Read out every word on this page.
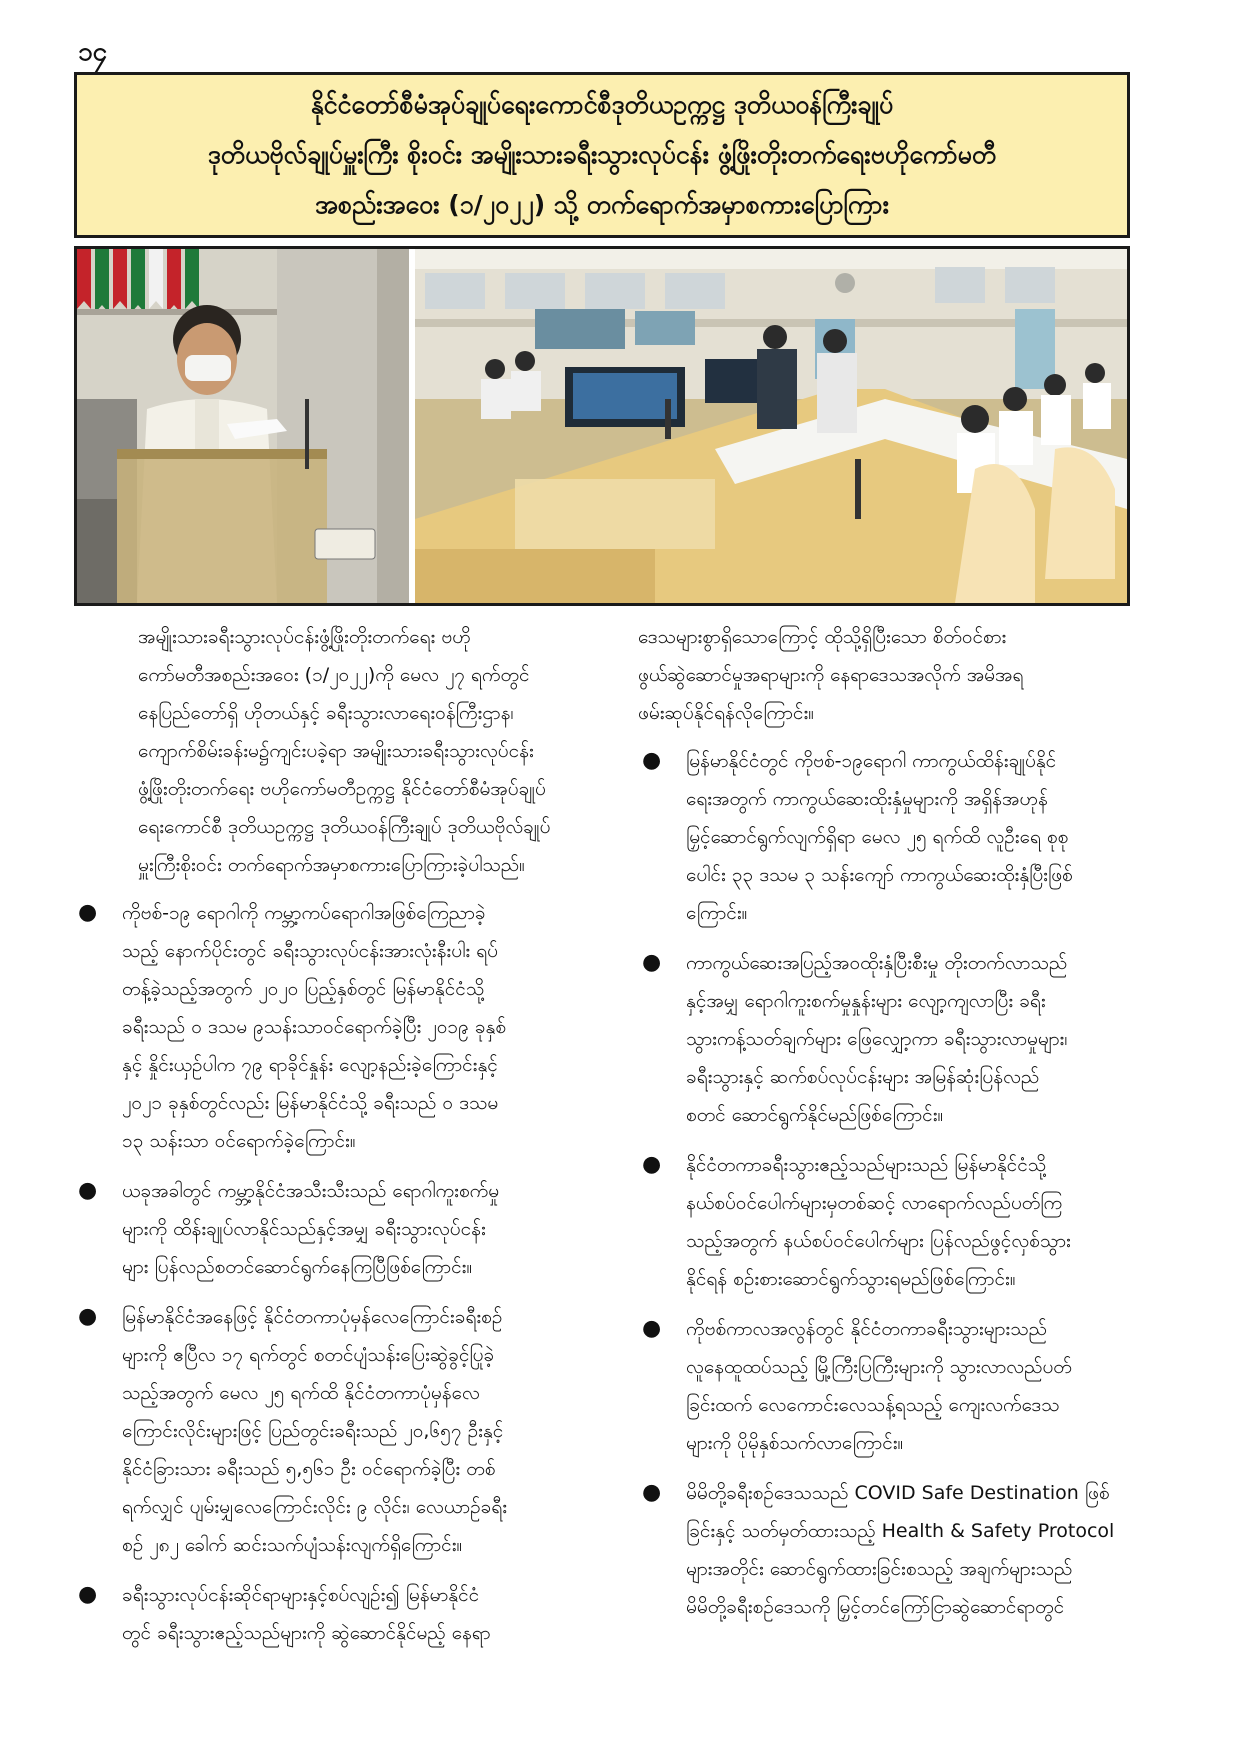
၁၄
နိုင်ငံတော်စီမံအုပ်ချုပ်ရေးကောင်စီဒုတိယဥက္ကဋ္ဌ ဒုတိယဝန်ကြီးချုပ်
ဒုတိယဗိုလ်ချုပ်မှူးကြီး စိုးဝင်း အမျိုးသားခရီးသွားလုပ်ငန်း ဖွံ့ဖြိုးတိုးတက်ရေးဗဟိုကော်မတီ
အစည်းအဝေး (၁/၂၀၂၂) သို့ တက်ရောက်အမှာစကားပြောကြား

အမျိုးသားခရီးသွားလုပ်ငန်းဖွံ့ဖြိုးတိုးတက်ရေး ဗဟို
ကော်မတီအစည်းအဝေး (၁/၂၀၂၂)ကို မေလ ၂၇ ရက်တွင်
နေပြည်တော်ရှိ ဟိုတယ်နှင့် ခရီးသွားလာရေးဝန်ကြီးဌာန၊
ကျောက်စိမ်းခန်းမ၌ကျင်းပခဲ့ရာ အမျိုးသားခရီးသွားလုပ်ငန်း
ဖွံ့ဖြိုးတိုးတက်ရေး ဗဟိုကော်မတီဥက္ကဋ္ဌ နိုင်ငံတော်စီမံအုပ်ချုပ်
ရေးကောင်စီ ဒုတိယဥက္ကဋ္ဌ ဒုတိယဝန်ကြီးချုပ် ဒုတိယဗိုလ်ချုပ်
မှူးကြီးစိုးဝင်း တက်ရောက်အမှာစကားပြောကြားခဲ့ပါသည်။

● ကိုဗစ်-၁၉ ရောဂါကို ကမ္ဘာ့ကပ်ရောဂါအဖြစ်ကြေညာခဲ့
သည့် နောက်ပိုင်းတွင် ခရီးသွားလုပ်ငန်းအားလုံးနီးပါး ရပ်
တန့်ခဲ့သည့်အတွက် ၂၀၂၀ ပြည့်နှစ်တွင် မြန်မာနိုင်ငံသို့
ခရီးသည် ၀ ဒသမ ၉သန်းသာဝင်ရောက်ခဲ့ပြီး ၂၀၁၉ ခုနှစ်
နှင့် နှိုင်းယှဉ်ပါက ၇၉ ရာခိုင်နှုန်း လျော့နည်းခဲ့ကြောင်းနှင့်
၂၀၂၁ ခုနှစ်တွင်လည်း မြန်မာနိုင်ငံသို့ ခရီးသည် ၀ ဒသမ
၁၃ သန်းသာ ဝင်ရောက်ခဲ့ကြောင်း။
● ယခုအခါတွင် ကမ္ဘာ့နိုင်ငံအသီးသီးသည် ရောဂါကူးစက်မှု
များကို ထိန်းချုပ်လာနိုင်သည်နှင့်အမျှ ခရီးသွားလုပ်ငန်း
များ ပြန်လည်စတင်ဆောင်ရွက်နေကြပြီဖြစ်ကြောင်း။
● မြန်မာနိုင်ငံအနေဖြင့် နိုင်ငံတကာပုံမှန်လေကြောင်းခရီးစဉ်
များကို ဧပြီလ ၁၇ ရက်တွင် စတင်ပျံသန်းပြေးဆွဲခွင့်ပြုခဲ့
သည့်အတွက် မေလ ၂၅ ရက်ထိ နိုင်ငံတကာပုံမှန်လေ
ကြောင်းလိုင်းများဖြင့် ပြည်တွင်းခရီးသည် ၂၀,၆၅၇ ဦးနှင့်
နိုင်ငံခြားသား ခရီးသည် ၅,၅၆၁ ဦး ဝင်ရောက်ခဲ့ပြီး တစ်
ရက်လျှင် ပျမ်းမျှလေကြောင်းလိုင်း ၉ လိုင်း၊ လေယာဉ်ခရီး
စဉ် ၂၈၂ ခေါက် ဆင်းသက်ပျံသန်းလျက်ရှိကြောင်း။
● ခရီးသွားလုပ်ငန်းဆိုင်ရာများနှင့်စပ်လျဉ်း၍ မြန်မာနိုင်ငံ
တွင် ခရီးသွားဧည့်သည်များကို ဆွဲဆောင်နိုင်မည့် နေရာ

ဒေသများစွာရှိသောကြောင့် ထိုသို့ရှိပြီးသော စိတ်ဝင်စား
ဖွယ်ဆွဲဆောင်မှုအရာများကို နေရာဒေသအလိုက် အမိအရ
ဖမ်းဆုပ်နိုင်ရန်လိုကြောင်း။

● မြန်မာနိုင်ငံတွင် ကိုဗစ်-၁၉ရောဂါ ကာကွယ်ထိန်းချုပ်နိုင်
ရေးအတွက် ကာကွယ်ဆေးထိုးနှံမှုများကို အရှိန်အဟုန်
မြှင့်ဆောင်ရွက်လျက်ရှိရာ မေလ ၂၅ ရက်ထိ လူဦးရေ စုစု
ပေါင်း ၃၃ ဒသမ ၃ သန်းကျော် ကာကွယ်ဆေးထိုးနှံပြီးဖြစ်
ကြောင်း။
● ကာကွယ်ဆေးအပြည့်အဝထိုးနှံပြီးစီးမှု တိုးတက်လာသည်
နှင့်အမျှ ရောဂါကူးစက်မှုနှုန်းများ လျော့ကျလာပြီး ခရီး
သွားကန့်သတ်ချက်များ ဖြေလျှော့ကာ ခရီးသွားလာမှုများ၊
ခရီးသွားနှင့် ဆက်စပ်လုပ်ငန်းများ အမြန်ဆုံးပြန်လည်
စတင် ဆောင်ရွက်နိုင်မည်ဖြစ်ကြောင်း။
● နိုင်ငံတကာခရီးသွားဧည့်သည်များသည် မြန်မာနိုင်ငံသို့
နယ်စပ်ဝင်ပေါက်များမှတစ်ဆင့် လာရောက်လည်ပတ်ကြ
သည့်အတွက် နယ်စပ်ဝင်ပေါက်များ ပြန်လည်ဖွင့်လှစ်သွား
နိုင်ရန် စဉ်းစားဆောင်ရွက်သွားရမည်ဖြစ်ကြောင်း။
● ကိုဗစ်ကာလအလွန်တွင် နိုင်ငံတကာခရီးသွားများသည်
လူနေထူထပ်သည့် မြို့ကြီးပြကြီးများကို သွားလာလည်ပတ်
ခြင်းထက် လေကောင်းလေသန့်ရသည့် ကျေးလက်ဒေသ
များကို ပိုမိုနှစ်သက်လာကြောင်း။
● မိမိတို့ခရီးစဉ်ဒေသသည် COVID Safe Destination ဖြစ်
ခြင်းနှင့် သတ်မှတ်ထားသည့် Health & Safety Protocol
များအတိုင်း ဆောင်ရွက်ထားခြင်းစသည့် အချက်များသည်
မိမိတို့ခရီးစဉ်ဒေသကို မြှင့်တင်ကြော်ငြာဆွဲဆောင်ရာတွင်
